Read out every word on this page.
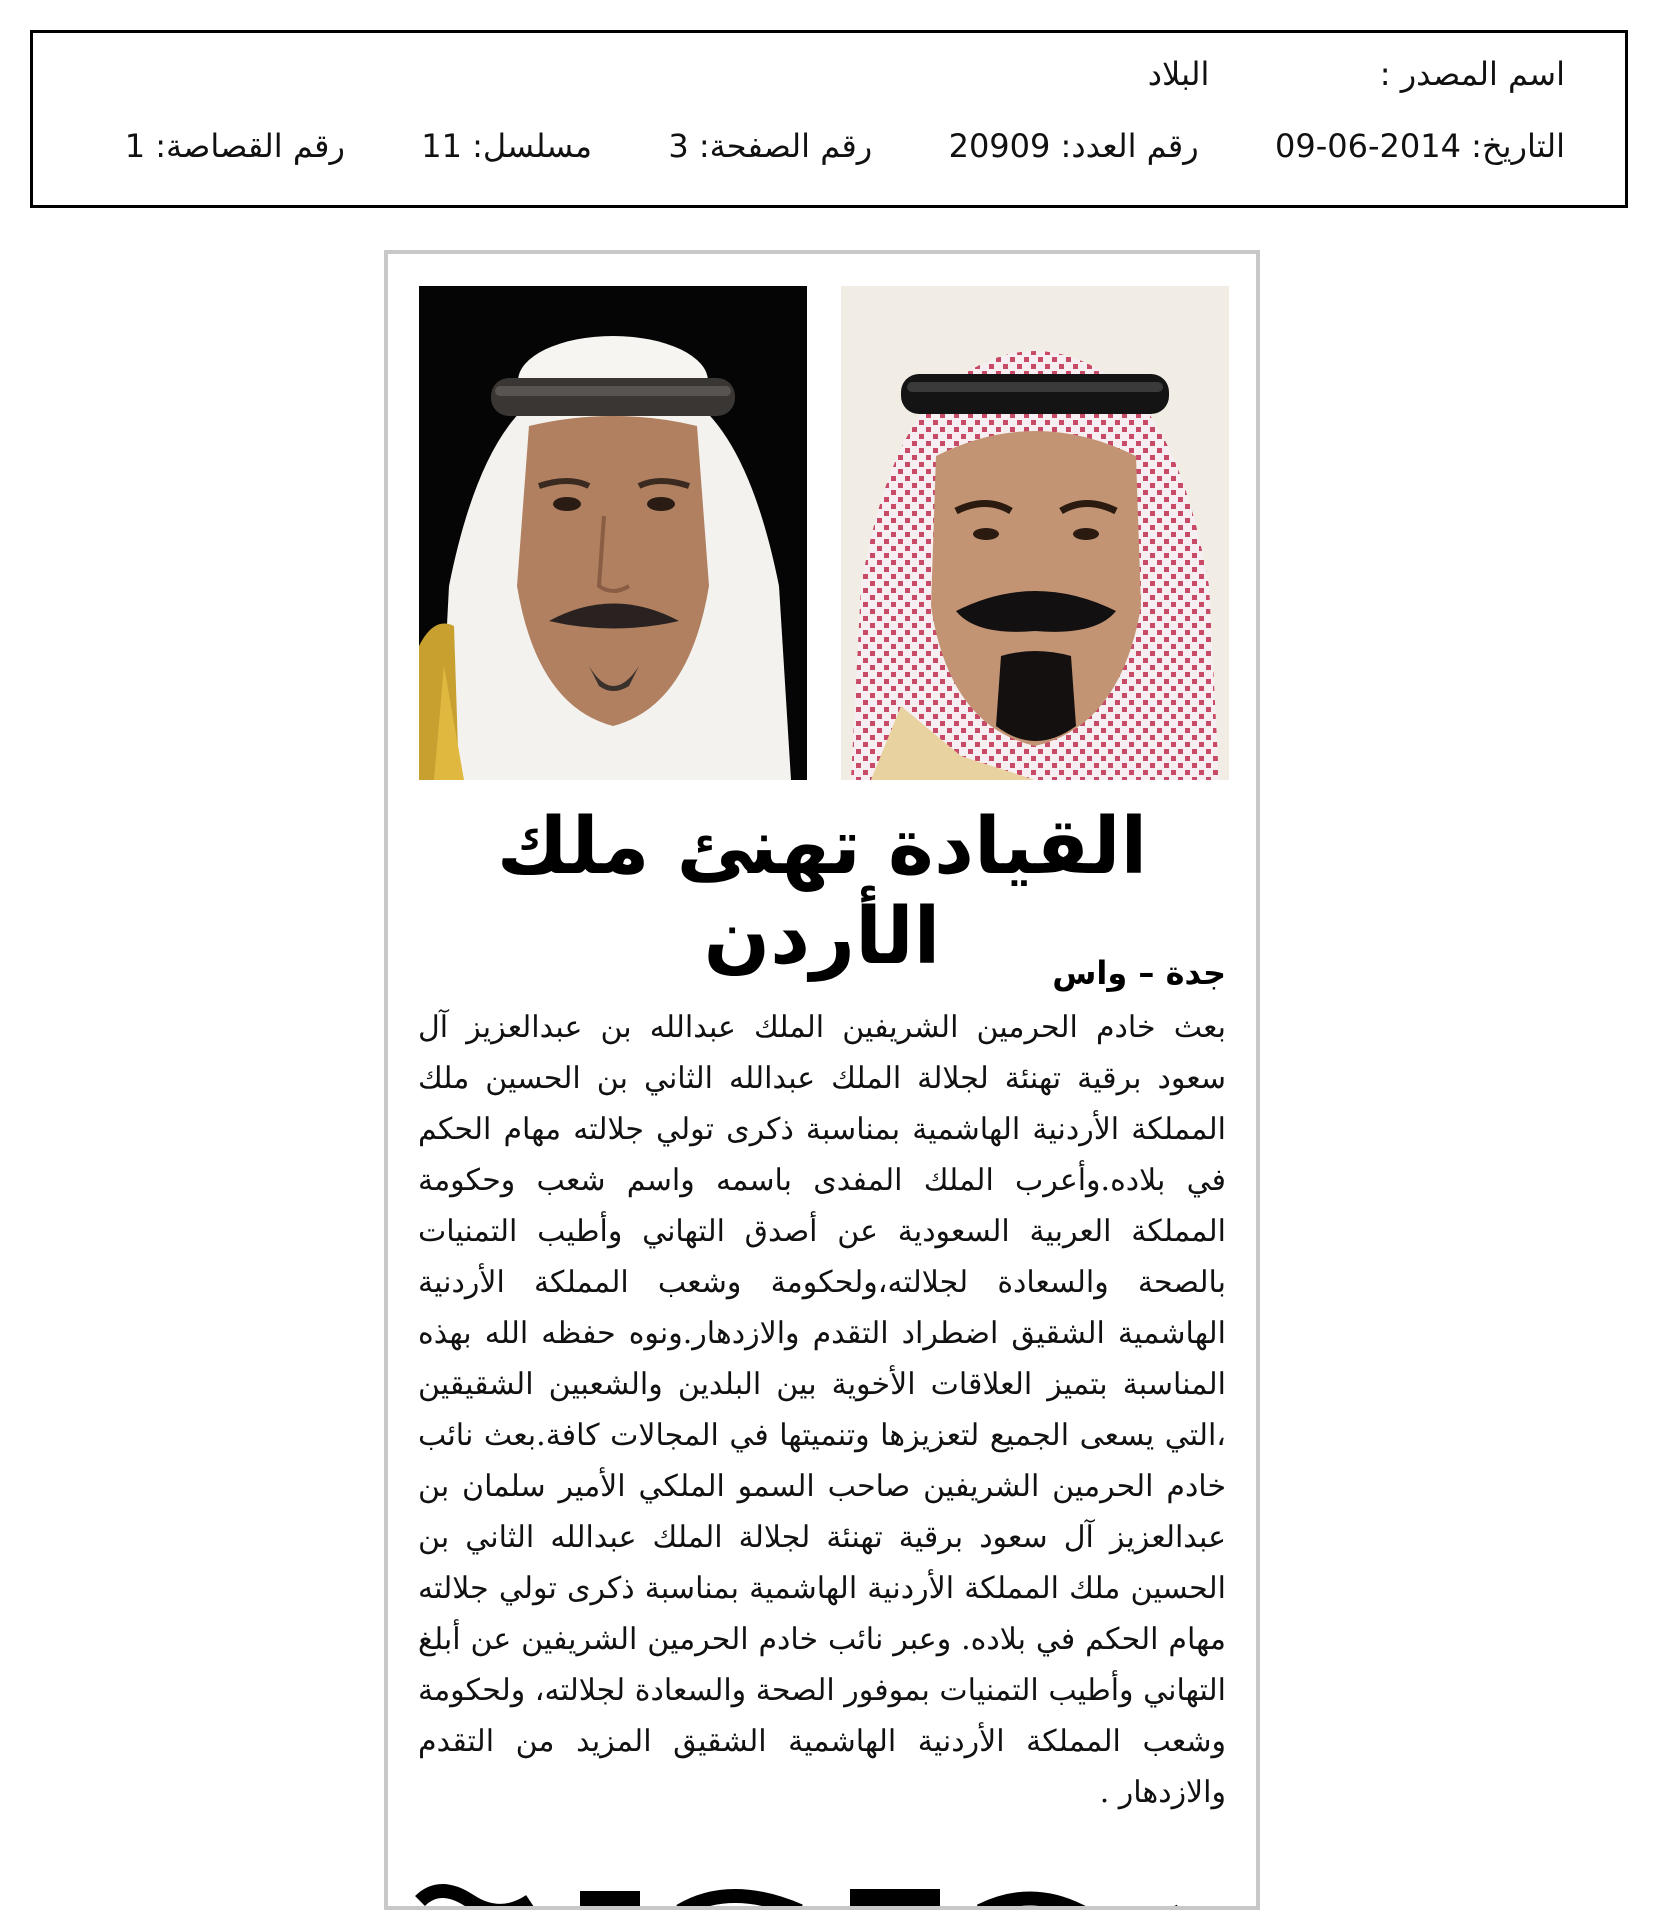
اسم المصدر :  البلاد
التاريخ: 2014-06-09  رقم العدد: 20909  رقم الصفحة: 3  مسلسل: 11  رقم القصاصة: 1
القيادة تهنئ ملك الأردن	جدة – واس
بعث خادم الحرمين الشريفين الملك عبدالله بن عبدالعزيز آل سعود برقية تهنئة لجلالة الملك عبدالله الثاني بن الحسين ملك المملكة الأردنية الهاشمية بمناسبة ذكرى تولي جلالته مهام الحكم في بلاده.وأعرب الملك المفدى باسمه واسم شعب وحكومة المملكة العربية السعودية عن أصدق التهاني وأطيب التمنيات بالصحة والسعادة لجلالته،ولحكومة وشعب المملكة الأردنية الهاشمية الشقيق اضطراد التقدم والازدهار.ونوه حفظه الله بهذه المناسبة بتميز العلاقات الأخوية بين البلدين والشعبين الشقيقين ،التي يسعى الجميع لتعزيزها وتنميتها في المجالات كافة.بعث نائب خادم الحرمين الشريفين صاحب السمو الملكي الأمير سلمان بن عبدالعزيز آل سعود برقية تهنئة لجلالة الملك عبدالله الثاني بن الحسين ملك المملكة الأردنية الهاشمية بمناسبة ذكرى تولي جلالته مهام الحكم في بلاده. وعبر نائب خادم الحرمين الشريفين عن أبلغ التهاني وأطيب التمنيات بموفور الصحة والسعادة لجلالته، ولحكومة وشعب المملكة الأردنية الهاشمية الشقيق المزيد من التقدم والازدهار .
